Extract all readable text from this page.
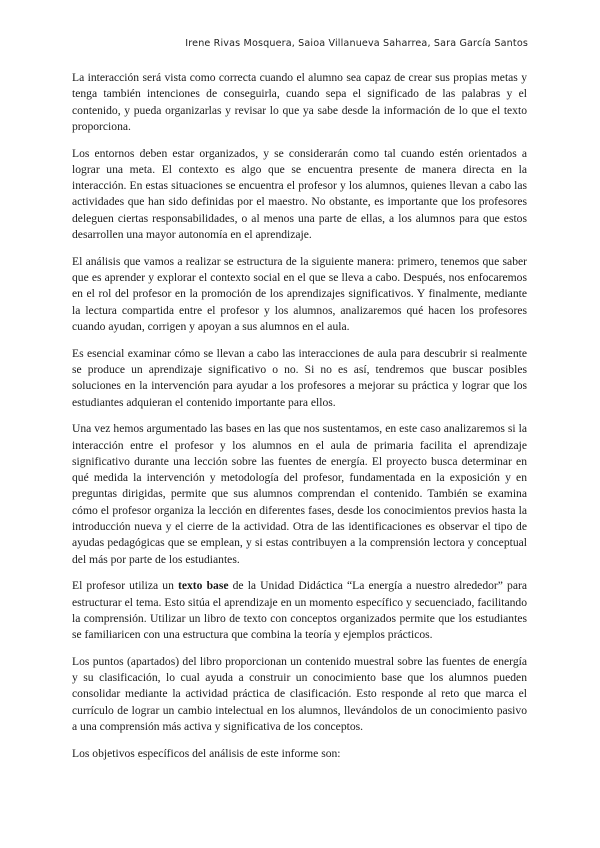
Irene Rivas Mosquera, Saioa Villanueva Saharrea, Sara García Santos

La interacción será vista como correcta cuando el alumno sea capaz de crear sus propias metas y tenga también intenciones de conseguirla, cuando sepa el significado de las palabras y el contenido, y pueda organizarlas y revisar lo que ya sabe desde la información de lo que el texto proporciona.

Los entornos deben estar organizados, y se considerarán como tal cuando estén orientados a lograr una meta. El contexto es algo que se encuentra presente de manera directa en la interacción. En estas situaciones se encuentra el profesor y los alumnos, quienes llevan a cabo las actividades que han sido definidas por el maestro. No obstante, es importante que los profesores deleguen ciertas responsabilidades, o al menos una parte de ellas, a los alumnos para que estos desarrollen una mayor autonomía en el aprendizaje.

El análisis que vamos a realizar se estructura de la siguiente manera: primero, tenemos que saber que es aprender y explorar el contexto social en el que se lleva a cabo. Después, nos enfocaremos en el rol del profesor en la promoción de los aprendizajes significativos. Y finalmente, mediante la lectura compartida entre el profesor y los alumnos, analizaremos qué hacen los profesores cuando ayudan, corrigen y apoyan a sus alumnos en el aula.

Es esencial examinar cómo se llevan a cabo las interacciones de aula para descubrir si realmente se produce un aprendizaje significativo o no. Si no es así, tendremos que buscar posibles soluciones en la intervención para ayudar a los profesores a mejorar su práctica y lograr que los estudiantes adquieran el contenido importante para ellos.

Una vez hemos argumentado las bases en las que nos sustentamos, en este caso analizaremos si la interacción entre el profesor y los alumnos en el aula de primaria facilita el aprendizaje significativo durante una lección sobre las fuentes de energía. El proyecto busca determinar en qué medida la intervención y metodología del profesor, fundamentada en la exposición y en preguntas dirigidas, permite que sus alumnos comprendan el contenido. También se examina cómo el profesor organiza la lección en diferentes fases, desde los conocimientos previos hasta la introducción nueva y el cierre de la actividad. Otra de las identificaciones es observar el tipo de ayudas pedagógicas que se emplean, y si estas contribuyen a la comprensión lectora y conceptual del más por parte de los estudiantes.

El profesor utiliza un texto base de la Unidad Didáctica “La energía a nuestro alrededor” para estructurar el tema. Esto sitúa el aprendizaje en un momento específico y secuenciado, facilitando la comprensión. Utilizar un libro de texto con conceptos organizados permite que los estudiantes se familiaricen con una estructura que combina la teoría y ejemplos prácticos.

Los puntos (apartados) del libro proporcionan un contenido muestral sobre las fuentes de energía y su clasificación, lo cual ayuda a construir un conocimiento base que los alumnos pueden consolidar mediante la actividad práctica de clasificación. Esto responde al reto que marca el currículo de lograr un cambio intelectual en los alumnos, llevándolos de un conocimiento pasivo a una comprensión más activa y significativa de los conceptos.

Los objetivos específicos del análisis de este informe son:
